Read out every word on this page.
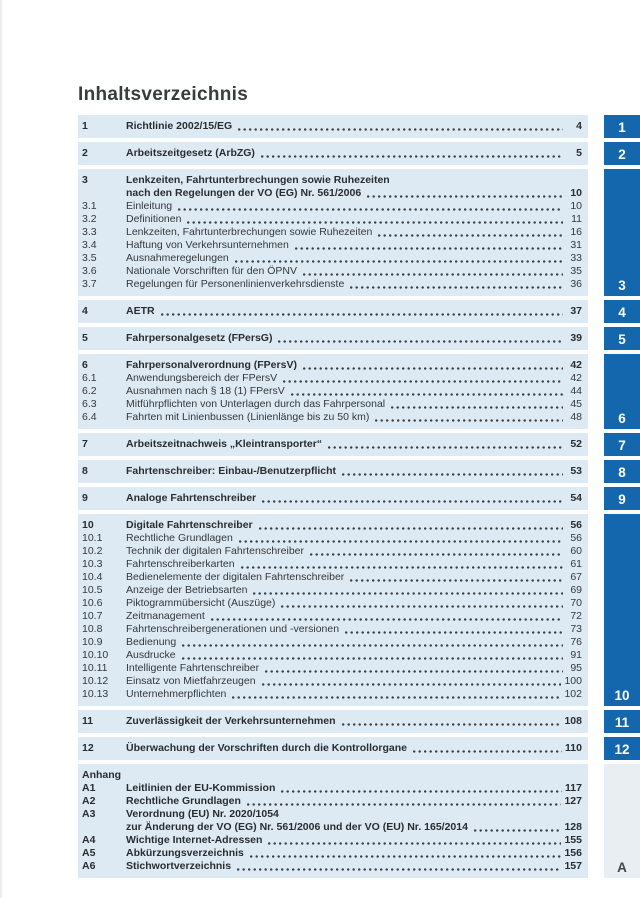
Inhaltsverzeichnis
1	Richtlinie 2002/15/EG	4	1
2	Arbeitszeitgesetz (ArbZG)	5	2
3	Lenkzeiten, Fahrtunterbrechungen sowie Ruhezeiten
nach den Regelungen der VO (EG) Nr. 561/2006	10
3.1	Einleitung	10
3.2	Definitionen	11
3.3	Lenkzeiten, Fahrtunterbrechungen sowie Ruhezeiten	16
3.4	Haftung von Verkehrsunternehmen	31
3.5	Ausnahmeregelungen	33
3.6	Nationale Vorschriften für den ÖPNV	35
3.7	Regelungen für Personenlinienverkehrsdienste	36	3
4	AETR	37	4
5	Fahrpersonalgesetz (FPersG)	39	5
6	Fahrpersonalverordnung (FPersV)	42
6.1	Anwendungsbereich der FPersV	42
6.2	Ausnahmen nach § 18 (1) FPersV	44
6.3	Mitführpflichten von Unterlagen durch das Fahrpersonal	45
6.4	Fahrten mit Linienbussen (Linienlänge bis zu 50 km)	48	6
7	Arbeitszeitnachweis „Kleintransporter“	52	7
8	Fahrtenschreiber: Einbau-/Benutzerpflicht	53	8
9	Analoge Fahrtenschreiber	54	9
10	Digitale Fahrtenschreiber	56
10.1	Rechtliche Grundlagen	56
10.2	Technik der digitalen Fahrtenschreiber	60
10.3	Fahrtenschreiberkarten	61
10.4	Bedienelemente der digitalen Fahrtenschreiber	67
10.5	Anzeige der Betriebsarten	69
10.6	Piktogrammübersicht (Auszüge)	70
10.7	Zeitmanagement	72
10.8	Fahrtenschreibergenerationen und -versionen	73
10.9	Bedienung	76
10.10	Ausdrucke	91
10.11	Intelligente Fahrtenschreiber	95
10.12	Einsatz von Mietfahrzeugen	100
10.13	Unternehmerpflichten	102	10
11	Zuverlässigkeit der Verkehrsunternehmen	108	11
12	Überwachung der Vorschriften durch die Kontrollorgane	110	12
Anhang
A1	Leitlinien der EU-Kommission	117
A2	Rechtliche Grundlagen	127
A3	Verordnung (EU) Nr. 2020/1054
zur Änderung der VO (EG) Nr. 561/2006 und der VO (EU) Nr. 165/2014	128
A4	Wichtige Internet-Adressen	155
A5	Abkürzungsverzeichnis	156
A6	Stichwortverzeichnis	157	A
